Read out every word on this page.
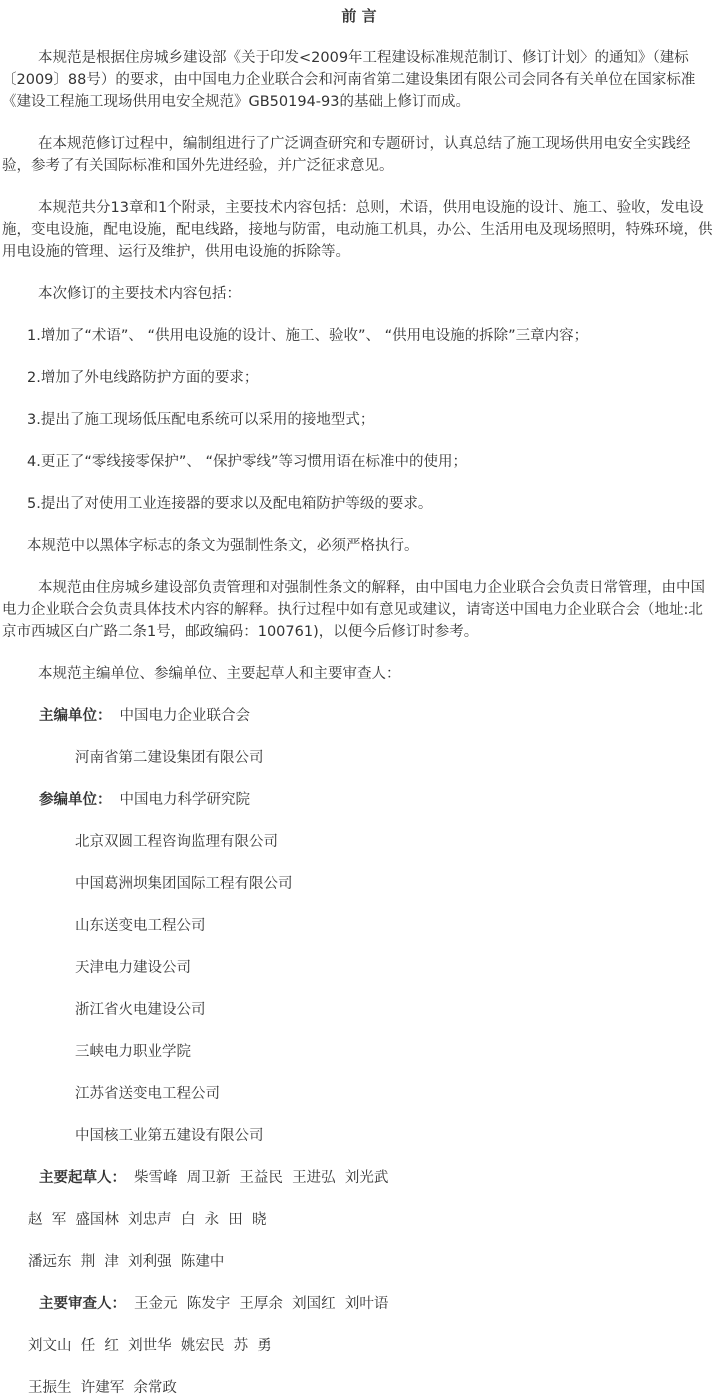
前 言

本规范是根据住房城乡建设部《关于印发<2009年工程建设标准规范制订、修订计划〉的通知》（建标〔2009〕88号）的要求，由中国电力企业联合会和河南省第二建设集团有限公司会同各有关单位在国家标准《建设工程施工现场供用电安全规范》GB50194-93的基础上修订而成。

在本规范修订过程中，编制组进行了广泛调查研究和专题研讨，认真总结了施工现场供用电安全实践经验，参考了有关国际标准和国外先进经验，并广泛征求意见。

本规范共分13章和1个附录，主要技术内容包括：总则，术语，供用电设施的设计、施工、验收，发电设施，变电设施，配电设施，配电线路，接地与防雷，电动施工机具，办公、生活用电及现场照明，特殊环境，供用电设施的管理、运行及维护，供用电设施的拆除等。

本次修订的主要技术内容包括：

1.增加了“术语”、 “供用电设施的设计、施工、验收”、 “供用电设施的拆除”三章内容；

2.增加了外电线路防护方面的要求；

3.提出了施工现场低压配电系统可以采用的接地型式；

4.更正了“零线接零保护”、 “保护零线”等习惯用语在标准中的使用；

5.提出了对使用工业连接器的要求以及配电箱防护等级的要求。

本规范中以黑体字标志的条文为强制性条文，必须严格执行。

本规范由住房城乡建设部负责管理和对强制性条文的解释，由中国电力企业联合会负责日常管理，由中国电力企业联合会负责具体技术内容的解释。执行过程中如有意见或建议，请寄送中国电力企业联合会（地址:北京市西城区白广路二条1号，邮政编码：100761)，以便今后修订时参考。

本规范主编单位、参编单位、主要起草人和主要审查人：

主编单位： 中国电力企业联合会

河南省第二建设集团有限公司

参编单位： 中国电力科学研究院

北京双圆工程咨询监理有限公司

中国葛洲坝集团国际工程有限公司

山东送变电工程公司

天津电力建设公司

浙江省火电建设公司

三峡电力职业学院

江苏省送变电工程公司

中国核工业第五建设有限公司

主要起草人： 柴雪峰  周卫新  王益民  王进弘  刘光武

赵  军  盛国林  刘忠声  白  永  田  晓

潘远东  荆  津  刘利强  陈建中

主要审查人： 王金元  陈发宇  王厚余  刘国红  刘叶语

刘文山  任  红  刘世华  姚宏民  苏  勇

王振生  许建军  余常政
